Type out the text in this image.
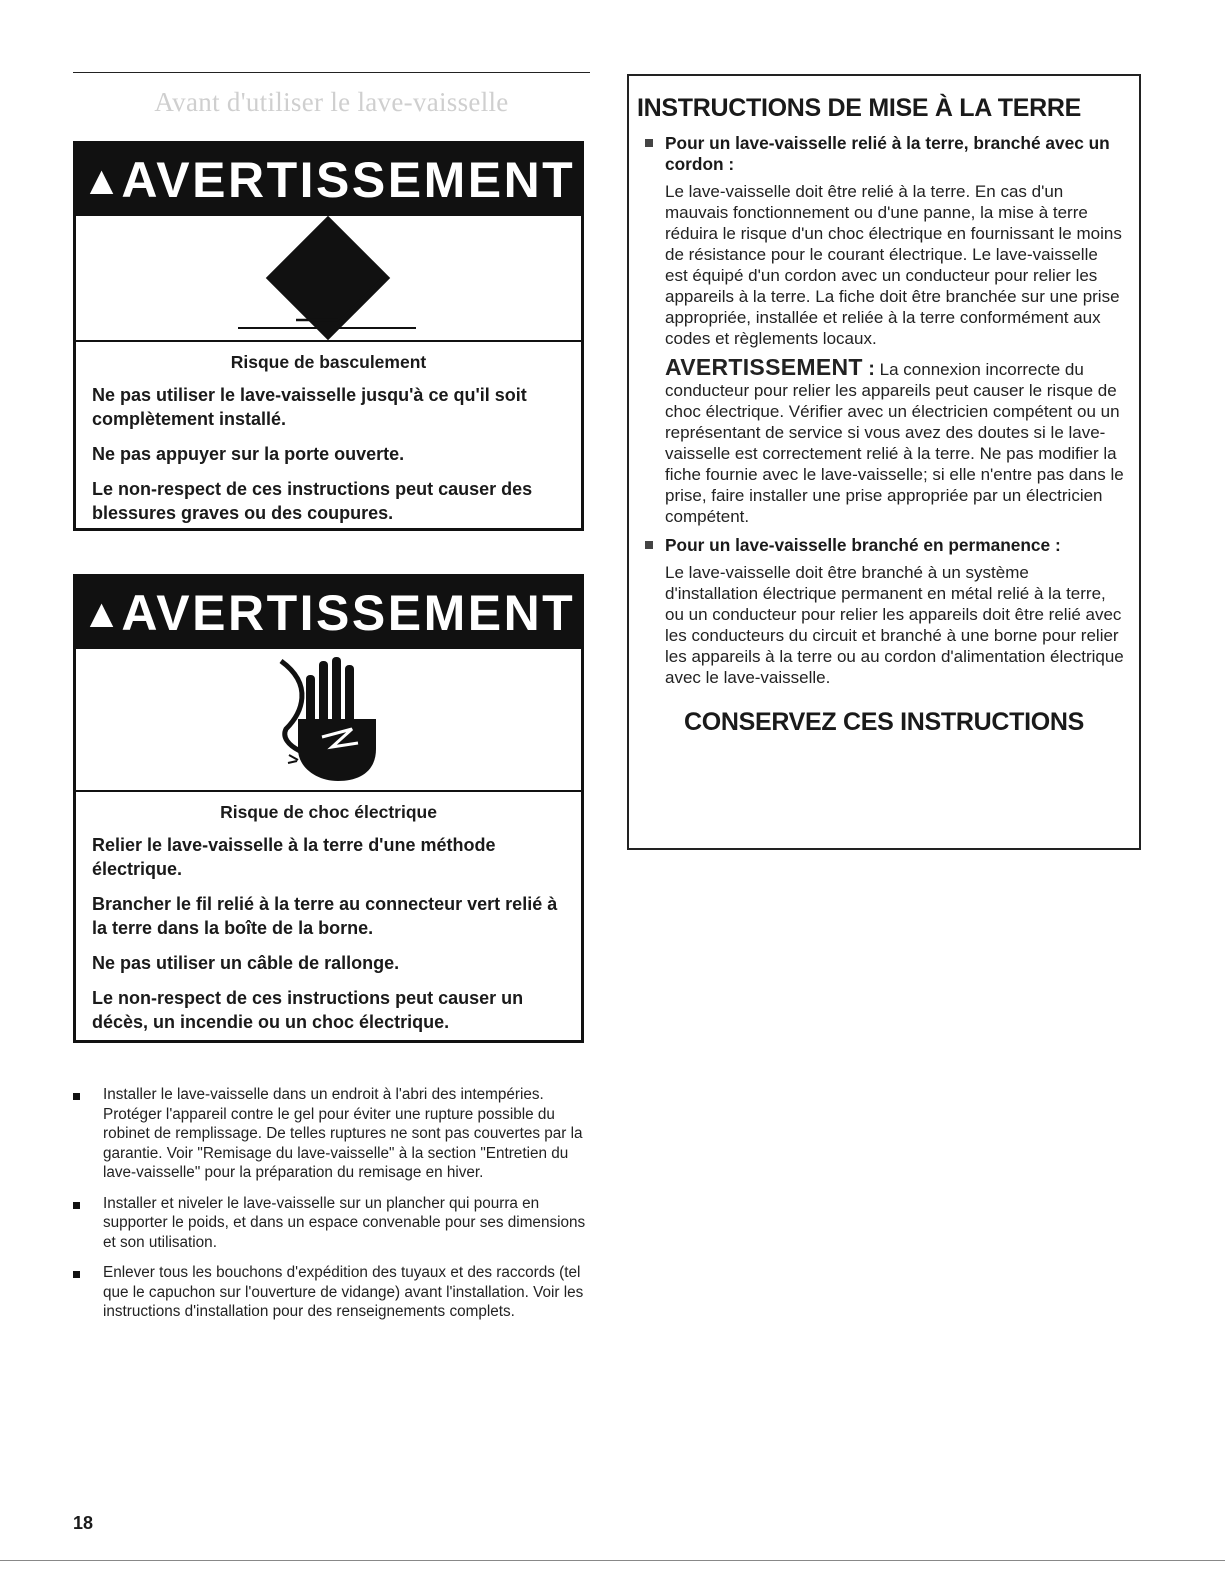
Avant d'utiliser le lave-vaisselle
▲AVERTISSEMENT
Risque de basculement

Ne pas utiliser le lave-vaisselle jusqu'à ce qu'il soit complètement installé.

Ne pas appuyer sur la porte ouverte.

Le non-respect de ces instructions peut causer des blessures graves ou des coupures.

▲AVERTISSEMENT
Risque de choc électrique

Relier le lave-vaisselle à la terre d'une méthode électrique.

Brancher le fil relié à la terre au connecteur vert relié à la terre dans la boîte de la borne.

Ne pas utiliser un câble de rallonge.

Le non-respect de ces instructions peut causer un décès, un incendie ou un choc électrique.

Installer le lave-vaisselle dans un endroit à l'abri des intempéries. Protéger l'appareil contre le gel pour éviter une rupture possible du robinet de remplissage. De telles ruptures ne sont pas couvertes par la garantie. Voir "Remisage du lave-vaisselle" à la section "Entretien du lave-vaisselle" pour la préparation du remisage en hiver.
Installer et niveler le lave-vaisselle sur un plancher qui pourra en supporter le poids, et dans un espace convenable pour ses dimensions et son utilisation.
Enlever tous les bouchons d'expédition des tuyaux et des raccords (tel que le capuchon sur l'ouverture de vidange) avant l'installation. Voir les instructions d'installation pour des renseignements complets.
INSTRUCTIONS DE MISE À LA TERRE
Pour un lave-vaisselle relié à la terre, branché avec un cordon :
Le lave-vaisselle doit être relié à la terre. En cas d'un mauvais fonctionnement ou d'une panne, la mise à terre réduira le risque d'un choc électrique en fournissant le moins de résistance pour le courant électrique. Le lave-vaisselle est équipé d'un cordon avec un conducteur pour relier les appareils à la terre. La fiche doit être branchée sur une prise appropriée, installée et reliée à la terre conformément aux codes et règlements locaux.
AVERTISSEMENT : La connexion incorrecte du conducteur pour relier les appareils peut causer le risque de choc électrique. Vérifier avec un électricien compétent ou un représentant de service si vous avez des doutes si le lave-vaisselle est correctement relié à la terre. Ne pas modifier la fiche fournie avec le lave-vaisselle; si elle n'entre pas dans le prise, faire installer une prise appropriée par un électricien compétent.
Pour un lave-vaisselle branché en permanence :
Le lave-vaisselle doit être branché à un système d'installation électrique permanent en métal relié à la terre, ou un conducteur pour relier les appareils doit être relié avec les conducteurs du circuit et branché à une borne pour relier les appareils à la terre ou au cordon d'alimentation électrique avec le lave-vaisselle.
CONSERVEZ CES INSTRUCTIONS
18
